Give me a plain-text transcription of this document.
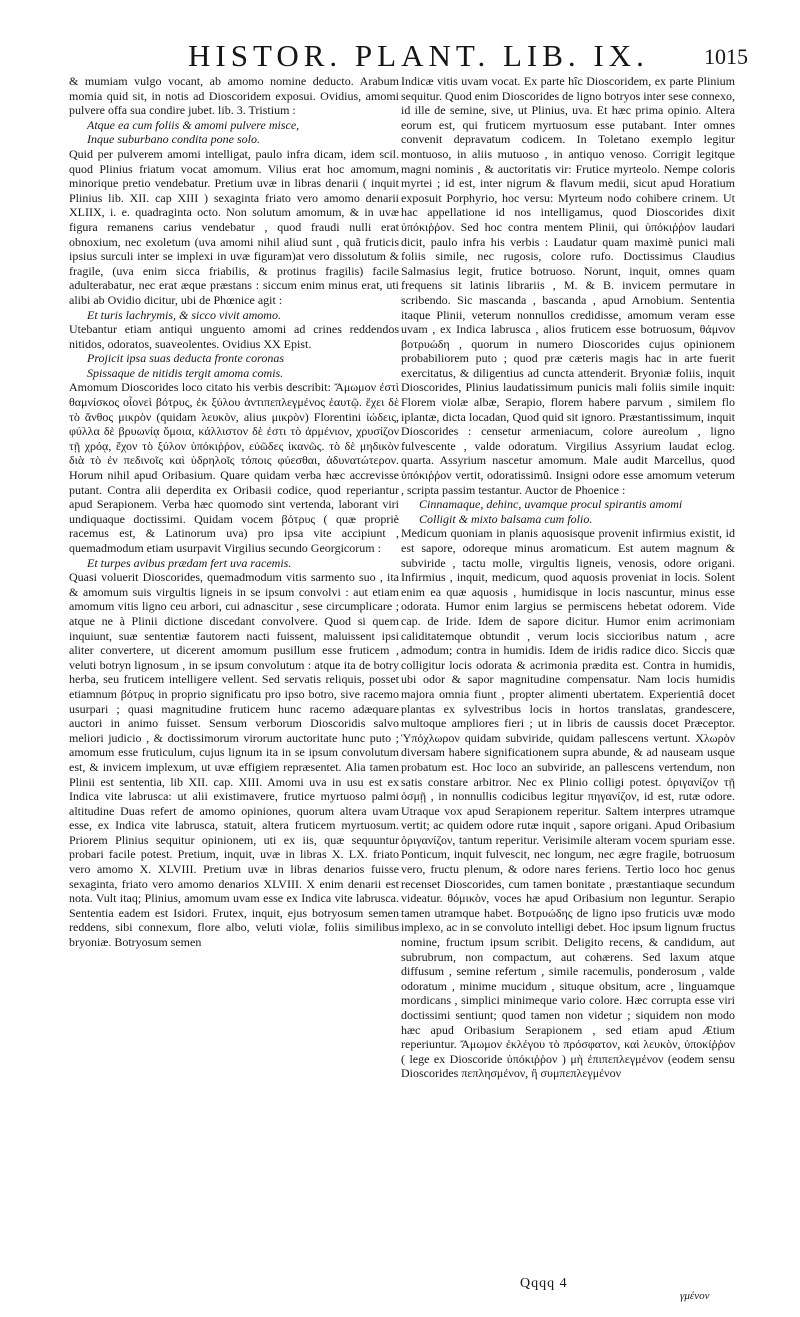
HISTOR. PLANT. LIB. IX.	1015

& mumiam vulgo vocant, ab amomo nomine deducto. Arabum momia quid sit, in notis ad Dioscoridem exposui. Ovidius, amomi pulvere offa sua condire jubet. lib. 3. Tristium :

Atque ea cum foliis & amomi pulvere misce,

Inque suburbano condita pone solo.

Quid per pulverem amomi intelligat, paulo infra dicam, idem scil. quod Plinius friatum vocat amomum. Vilius erat hoc amomum, minorique pretio vendebatur. Pretium uvæ in libras denarii ( inquit Plinius lib. XII. cap XIII ) sexaginta friato vero amomo denarii XLIIX, i. e. quadraginta octo. Non solutum amomum, & in uvæ figura remanens carius vendebatur , quod fraudi nulli erat obnoxium, nec exoletum (uva amomi nihil aliud sunt , quã fruticis ipsius surculi inter se implexi in uvæ figuram)at vero dissolutum & fragile, (uva enim sicca friabilis, & protinus fragilis) facile adulterabatur, nec erat æque præstans : siccum enim minus erat, uti alibi ab Ovidio dicitur, ubi de Phœnice agit :

Et turis lachrymis, & sicco vivit amomo.

Utebantur etiam antiqui unguento amomi ad crines reddendos nitidos, odoratos, suaveolentes. Ovidius XX Epist.

Projicit ipsa suas deducta fronte coronas

Spissaque de nitidis tergit amoma comis.

Amomum Dioscorides loco citato his verbis describit: Ἄμωμον ἐστὶ θαμνίσκος οἷονεὶ βότρυς, ἐκ ξύλου ἀντιπεπλεγμένος ἑαυτῷ. ἔχει δὲ τὸ ἄνθος μικρὸν (quidam λευκὸν, alius μικρὸν) Florentini ἰώδεις, φύλλα δὲ βρυωνίᾳ ὅμοια, κάλλιστον δὲ ἐστι τὸ ἀρμένιον, χρυσίζον τῇ χρόᾳ, ἔχον τὸ ξύλον ὑπόκιῤῥον, εὐῶδες ἱκανῶς. τὸ δὲ μηδικὸν διὰ τὸ ἐν πεδινοῖς καὶ ὑδρηλοῖς τόποις φύεσθαι, ἀδυνατώτερον. Horum nihil apud Oribasium. Quare quidam verba hæc accrevisse putant. Contra alii deperdita ex Oribasii codice, quod reperiantur apud Serapionem. Verba hæc quomodo sint vertenda, laborant viri undiquaque doctissimi. Quidam vocem βότρυς ( quæ propriè racemus est, & Latinorum uva) pro ipsa vite accipiunt , quemadmodum etiam usurpavit Virgilius secundo Georgicorum :

Et turpes avibus prædam fert uva racemis.

Quasi voluerit Dioscorides, quemadmodum vitis sarmento suo , ita & amomum suis virgultis ligneis in se ipsum convolvi : aut etiam amomum vitis ligno ceu arbori, cui adnascitur , sese circumplicare ; atque ne à Plinii dictione discedant convolvere. Quod si quem inquiunt, suæ sententiæ fautorem nacti fuissent, maluissent ipsi aliter convertere, ut dicerent amomum pusillum esse fruticem , veluti botryn lignosum , in se ipsum convolutum : atque ita de botry herba, seu fruticem intelligere vellent. Sed servatis reliquis, posset etiamnum βότρυς in proprio significatu pro ipso botro, sive racemo usurpari ; quasi magnitudine fruticem hunc racemo adæquare auctori in animo fuisset. Sensum verborum Dioscoridis salvo meliori judicio , & doctissimorum virorum auctoritate hunc puto ; amomum esse fruticulum, cujus lignum ita in se ipsum convolutum est, & invicem implexum, ut uvæ effigiem repræsentet. Alia tamen Plinii est sententia, lib XII. cap. XIII. Amomi uva in usu est ex Indica vite labrusca: ut alii existimavere, frutice myrtuoso palmi altitudine Duas refert de amomo opiniones, quorum altera uvam esse, ex Indica vite labrusca, statuit, altera fruticem myrtuosum. Priorem Plinius sequitur opinionem, uti ex iis, quæ sequuntur probari facile potest. Pretium, inquit, uvæ in libras X. LX. friato vero amomo X. XLVIII. Pretium uvæ in libras denarios fuisse sexaginta, friato vero amomo denarios XLVIII. X enim denarii est nota. Vult itaq; Plinius, amomum uvam esse ex Indica vite labrusca. Sententia eadem est Isidori. Frutex, inquit, ejus botryosum semen reddens, sibi connexum, flore albo, veluti violæ, foliis similibus bryoniæ. Botryosum semen

Indicæ vitis uvam vocat. Ex parte hîc Dioscoridem, ex parte Plinium sequitur. Quod enim Dioscorides de ligno botryos inter sese connexo, id ille de semine, sive, ut Plinius, uva. Et hæc prima opinio. Altera eorum est, qui fruticem myrtuosum esse putabant. Inter omnes convenit depravatum codicem. In Toletano exemplo legitur montuoso, in aliis mutuoso , in antiquo venoso. Corrigit legitque magni nominis , & auctoritatis vir: Frutice myrteolo. Nempe coloris myrtei ; id est, inter nigrum & flavum medii, sicut apud Horatium exposuit Porphyrio, hoc versu: Myrteum nodo cohibere crinem. Ut hac appellatione id nos intelligamus, quod Dioscorides dixit ὑπόκιῤῥον. Sed hoc contra mentem Plinii, qui ὑπόκιῤῥον laudari dicit, paulo infra his verbis : Laudatur quam maximè punici mali foliis simile, nec rugosis, colore rufo. Doctissimus Claudius Salmasius legit, frutice botruoso. Norunt, inquit, omnes quam frequens sit latinis librariis , M. & B. invicem permutare in scribendo. Sic mascanda , bascanda , apud Arnobium. Sententia itaque Plinii, veterum nonnullos credidisse, amomum veram esse uvam , ex Indica labrusca , alios fruticem esse botruosum, θάμνον βοτρυώδη , quorum in numero Dioscorides cujus opinionem probabiliorem puto ; quod præ cæteris magis hac in arte fuerit exercitatus, & diligentius ad cuncta attenderit. Bryoniæ foliis, inquit Dioscorides, Plinius laudatissimum punicis mali foliis simile inquit: Florem violæ albæ, Serapio, florem habere parvum , similem flo iplantæ, dicta locadan, Quod quid sit ignoro. Præstantissimum, inquit Dioscorides : censetur armeniacum, colore aureolum , ligno fulvescente , valde odoratum. Virgilius Assyrium laudat eclog. quarta. Assyrium nascetur amomum. Male audit Marcellus, quod ὑπόκιῤῥον vertit, odoratissimû. Insigni odore esse amomum veterum , scripta passim testantur. Auctor de Phoenice :

Cinnamaque, dehinc, uvamque procul spirantis amomi

Colligit & mixto balsama cum folio.

Medicum quoniam in planis aquosisque provenit infirmius existit, id est sapore, odoreque minus aromaticum. Est autem magnum & subviride , tactu molle, virgultis ligneis, venosis, odore origani. Infirmius , inquit, medicum, quod aquosis proveniat in locis. Solent enim ea quæ aquosis , humidisque in locis nascuntur, minus esse odorata. Humor enim largius se permiscens hebetat odorem. Vide cap. de Iride. Idem de sapore dicitur. Humor enim acrimoniam caliditatemque obtundit , verum locis siccioribus natum , acre admodum; contra in humidis. Idem de iridis radice dico. Siccis quæ colligitur locis odorata & acrimonia prædita est. Contra in humidis, ubi odor & sapor magnitudine compensatur. Nam locis humidis majora omnia fiunt , propter alimenti ubertatem. Experientiâ docet plantas ex sylvestribus locis in hortos translatas, grandescere, multoque ampliores fieri ; ut in libris de caussis docet Præceptor. Ὑπόχλωρον quidam subviride, quidam pallescens vertunt. Χλωρὸν diversam habere significationem supra abunde, & ad nauseam usque probatum est. Hoc loco an subviride, an pallescens vertendum, non satis constare arbitror. Nec ex Plinio colligi potest. ὀριγανίζον τῇ ὀσμῇ , in nonnullis codicibus legitur πηγανίζον, id est, rutæ odore. Utraque vox apud Serapionem reperitur. Saltem interpres utramque vertit; ac quidem odore rutæ inquit , sapore origani. Apud Oribasium ὀριγανίζον, tantum reperitur. Verisimile alteram vocem spuriam esse. Ponticum, inquit fulvescit, nec longum, nec ægre fragile, botruosum vero, fructu plenum, & odore nares feriens. Tertio loco hoc genus recenset Dioscorides, cum tamen bonitate , præstantiaque secundum videatur. θόμικὸν, voces hæ apud Oribasium non leguntur. Serapio tamen utramque habet. Βοτρυώδης de ligno ipso fruticis uvæ modo implexo, ac in se convoluto intelligi debet. Hoc ipsum lignum fructus nomine, fructum ipsum scribit. Deligito recens, & candidum, aut subrubrum, non compactum, aut cohærens. Sed laxum atque diffusum , semine refertum , simile racemulis, ponderosum , valde odoratum , minime mucidum , situque obsitum, acre , linguamque mordicans , simplici minimeque vario colore. Hæc corrupta esse viri doctissimi sentiunt; quod tamen non videtur ; siquidem non modo hæc apud Oribasium Serapionem , sed etiam apud Ætium reperiuntur. Ἄμωμον ἐκλέγου τὸ πρόσφατον, καὶ λευκὸν, ὑποκίῤῥον ( lege ex Dioscoride ὑπόκιῤῥον ) μὴ ἐπιπεπλεγμένον (eodem sensu Dioscorides πεπλησμένον, ἢ συμπεπλεγμένον

Qqqq 4
γμένον
